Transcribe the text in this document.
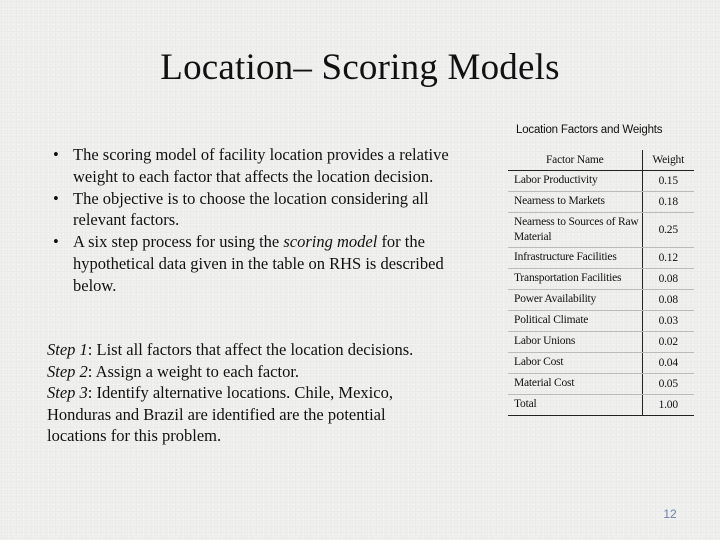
Location– Scoring Models
• The scoring model of facility location provides a relative weight to each factor that affects the location decision.
• The objective is to choose the location considering all relevant factors.
• A six step process for using the scoring model for the hypothetical data given in the table on RHS is described below.
Step 1: List all factors that affect the location decisions.
Step 2: Assign a weight to each factor.
Step 3: Identify alternative locations. Chile, Mexico,
Honduras and Brazil are identified are the potential
locations for this problem.
Location Factors and Weights
Factor Name	Weight
Labor Productivity	0.15
Nearness to Markets	0.18
Nearness to Sources of Raw Material	0.25
Infrastructure Facilities	0.12
Transportation Facilities	0.08
Power Availability	0.08
Political Climate	0.03
Labor Unions	0.02
Labor Cost	0.04
Material Cost	0.05
Total	1.00
12
